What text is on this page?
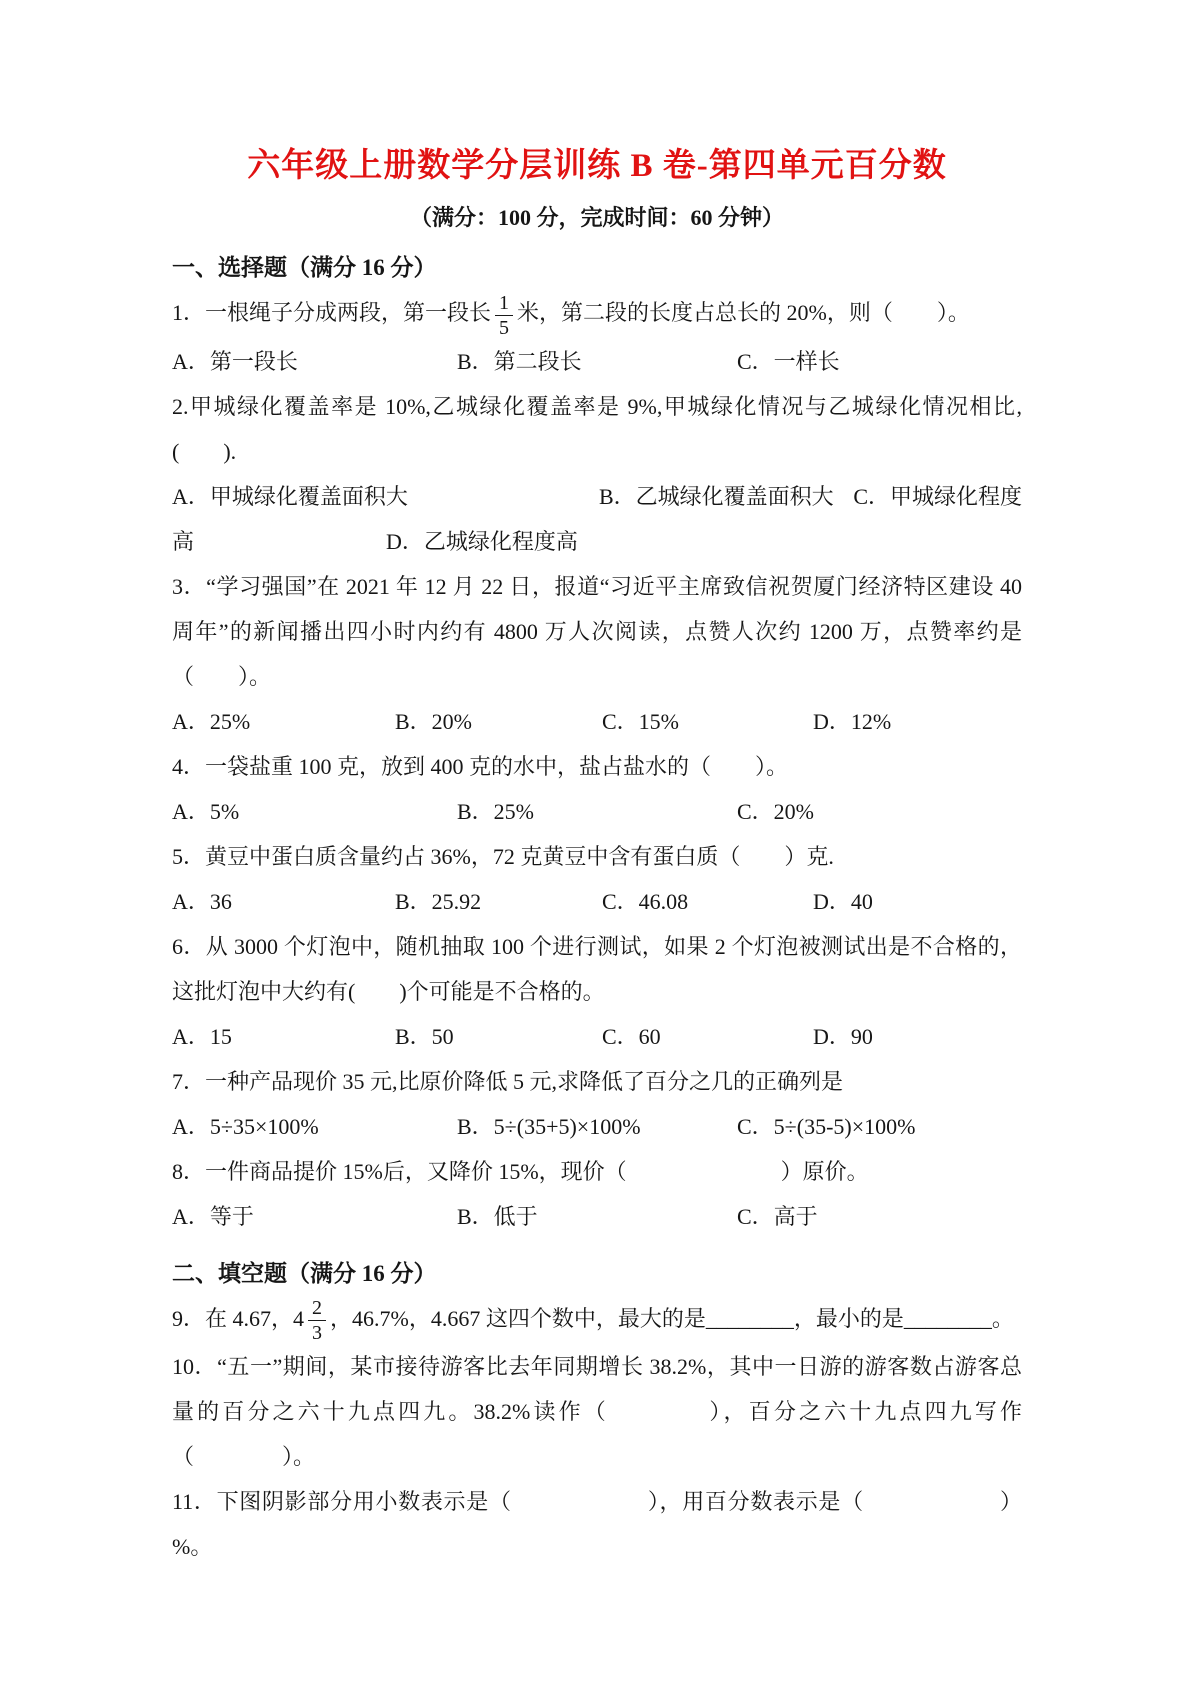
六年级上册数学分层训练 B 卷-第四单元百分数
（满分：100 分，完成时间：60 分钟）
一、选择题（满分 16 分）
1．一根绳子分成两段，第一段长 $\frac{1}{5}$ 米，第二段的长度占总长的 20%，则（　　）。
A．第一段长	B．第二段长	C．一样长
2.甲城绿化覆盖率是 10%,乙城绿化覆盖率是 9%,甲城绿化情况与乙城绿化情况相比,(　　).
A．甲城绿化覆盖面积大	B．乙城绿化覆盖面积大 C．甲城绿化程度
高	D．乙城绿化程度高
3．“学习强国”在 2021 年 12 月 22 日，报道“习近平主席致信祝贺厦门经济特区建设 40 周年”的新闻播出四小时内约有 4800 万人次阅读，点赞人次约 1200 万，点赞率约是（　　）。
A．25%	B．20%	C．15%	D．12%
4．一袋盐重 100 克，放到 400 克的水中，盐占盐水的（　　）。
A．5%	B．25%	C．20%
5．黄豆中蛋白质含量约占 36%，72 克黄豆中含有蛋白质（　　）克.
A．36	B．25.92	C．46.08	D．40
6．从 3000 个灯泡中，随机抽取 100 个进行测试，如果 2 个灯泡被测试出是不合格的，这批灯泡中大约有(　　)个可能是不合格的。
A．15	B．50	C．60	D．90
7．一种产品现价 35 元,比原价降低 5 元,求降低了百分之几的正确列是
A．5÷35×100%	B．5÷(35+5)×100%	C．5÷(35-5)×100%
8．一件商品提价 15%后，又降价 15%，现价（　　　　　　　）原价。
A．等于	B．低于	C．高于
二、填空题（满分 16 分）
9．在 4.67，$4 \frac{2}{3}$ ，46.7%，4.667 这四个数中，最大的是________，最小的是________。
10．“五一”期间，某市接待游客比去年同期增长 38.2%，其中一日游的游客数占游客总量的百分之六十九点四九。38.2%读作（　　　　），百分之六十九点四九写作（　　　　）。
11．下图阴影部分用小数表示是（　　　　　　），用百分数表示是（　　　　　　）%。
